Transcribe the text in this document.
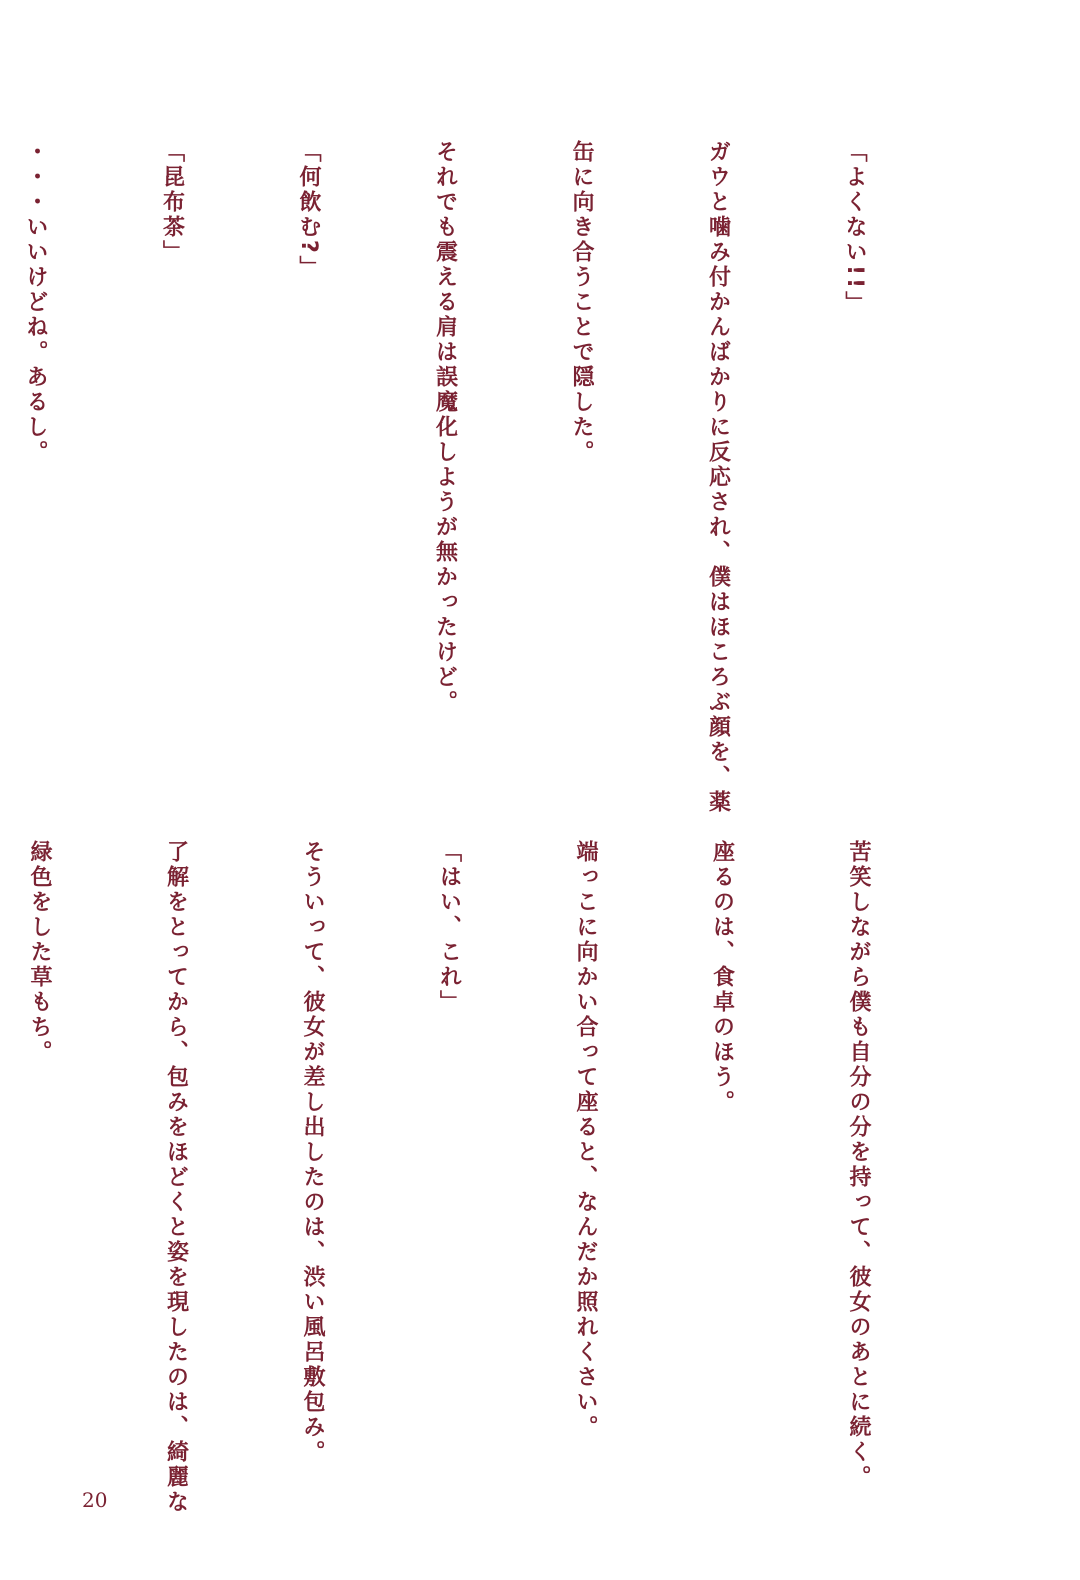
「よくない!!」

ガウと噛み付かんばかりに反応され、僕はほころぶ顔を、薬

缶に向き合うことで隠した。

それでも震える肩は誤魔化しようが無かったけど。

「何飲む?」

「昆布茶」

・・・いいけどね。あるし。

苦笑しながら僕も自分の分を持って、彼女のあとに続く。

座るのは、食卓のほう。

端っこに向かい合って座ると、なんだか照れくさい。

「はい、これ」

そういって、彼女が差し出したのは、渋い風呂敷包み。

了解をとってから、包みをほどくと姿を現したのは、綺麗な

緑色をした草もち。

20
